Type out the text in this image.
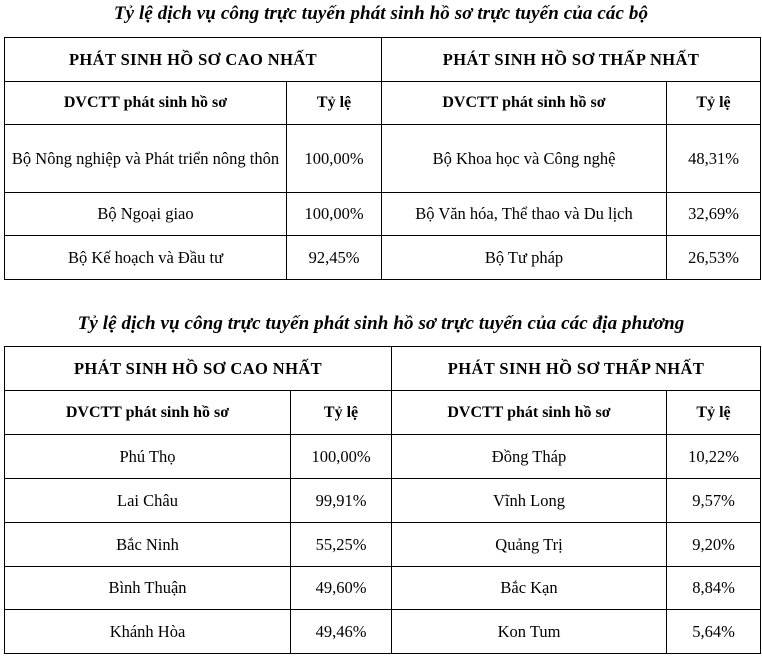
Tỷ lệ dịch vụ công trực tuyến phát sinh hồ sơ trực tuyến của các bộ
PHÁT SINH HỒ SƠ CAO NHẤT		PHÁT SINH HỒ SƠ THẤP NHẤT	
DVCTT phát sinh hồ sơ	Tỷ lệ	DVCTT phát sinh hồ sơ	Tỷ lệ
Bộ Nông nghiệp và Phát triển nông thôn	100,00%	Bộ Khoa học và Công nghệ	48,31%
Bộ Ngoại giao	100,00%	Bộ Văn hóa, Thể thao và Du lịch	32,69%
Bộ Kế hoạch và Đầu tư	92,45%	Bộ Tư pháp	26,53%
Tỷ lệ dịch vụ công trực tuyến phát sinh hồ sơ trực tuyến của các địa phương
PHÁT SINH HỒ SƠ CAO NHẤT		PHÁT SINH HỒ SƠ THẤP NHẤT	
DVCTT phát sinh hồ sơ	Tỷ lệ	DVCTT phát sinh hồ sơ	Tỷ lệ
Phú Thọ	100,00%	Đồng Tháp	10,22%
Lai Châu	99,91%	Vĩnh Long	9,57%
Bắc Ninh	55,25%	Quảng Trị	9,20%
Bình Thuận	49,60%	Bắc Kạn	8,84%
Khánh Hòa	49,46%	Kon Tum	5,64%
